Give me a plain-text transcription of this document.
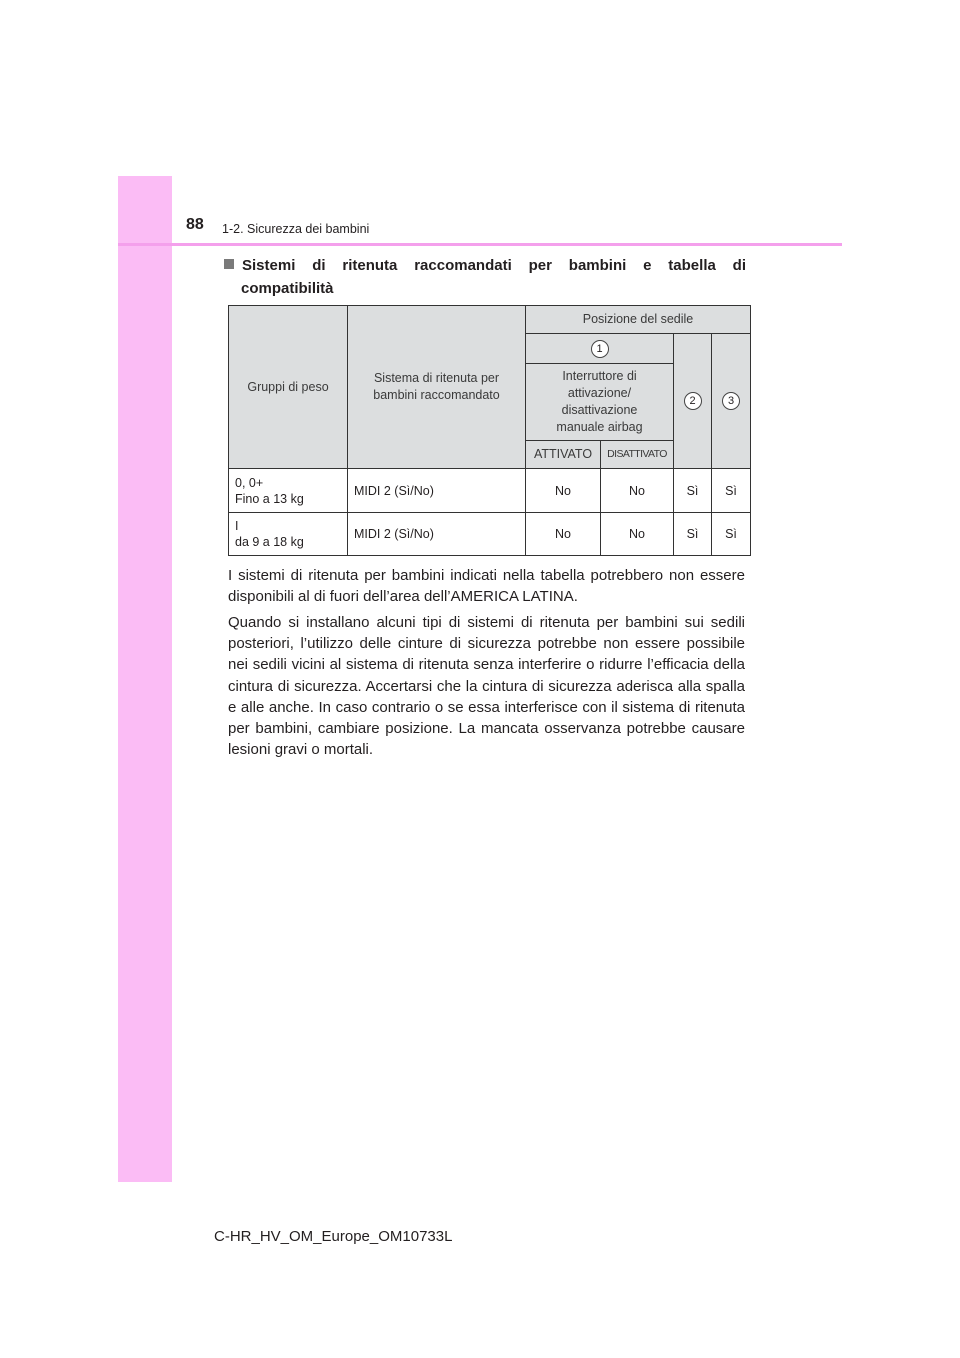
88 1-2. Sicurezza dei bambini
Sistemi di ritenuta raccomandati per bambini e tabella di
compatibilità
Gruppi di peso	Sistema di ritenuta per bambini raccomandato	Posizione del sedile			
		1		2	3

		Interruttore di attivazione/ disattivazione manuale airbag			

		ATTIVATO	DISATTIVATO		

0, 0+
Fino a 13 kg	MIDI 2 (Sì/No)	No	No	Sì	Sì
I
da 9 a 18 kg	MIDI 2 (Sì/No)	No	No	Sì	Sì

I sistemi di ritenuta per bambini indicati nella tabella potrebbero non essere disponibili al di fuori dell’area dell’AMERICA LATINA.

Quando si installano alcuni tipi di sistemi di ritenuta per bambini sui sedili posteriori, l’utilizzo delle cinture di sicurezza potrebbe non essere possibile nei sedili vicini al sistema di ritenuta senza interferire o ridurre l’efficacia della cintura di sicurezza. Accertarsi che la cintura di sicurezza aderisca alla spalla e alle anche. In caso contrario o se essa interferisce con il sistema di ritenuta per bambini, cambiare posizione. La mancata osservanza potrebbe causare lesioni gravi o mortali.

C-HR_HV_OM_Europe_OM10733L
